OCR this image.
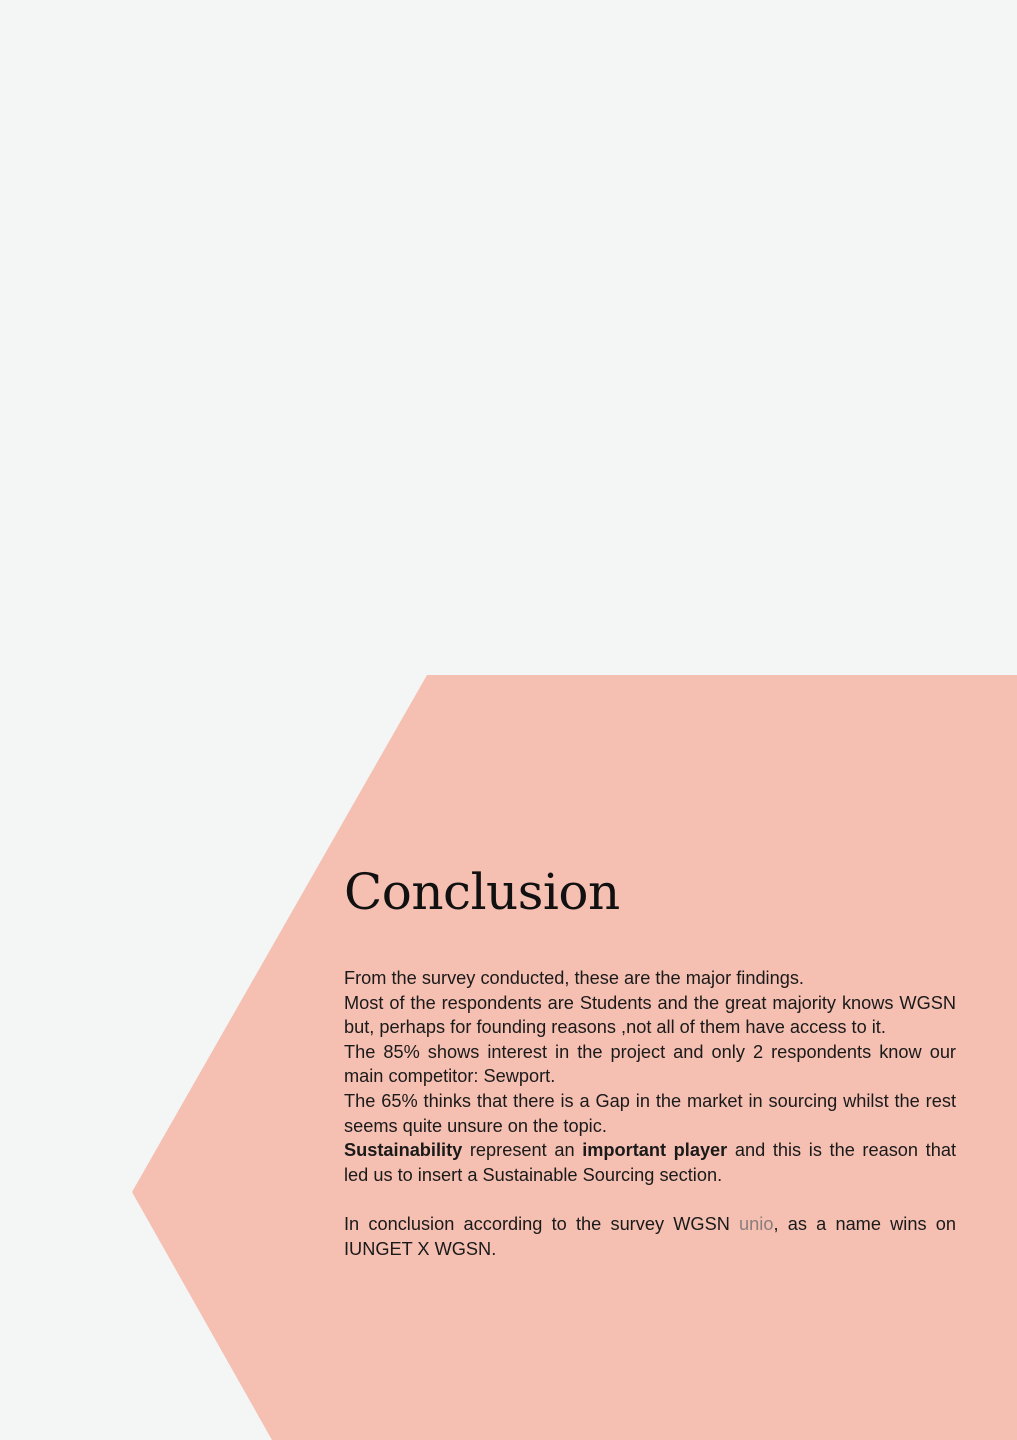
Conclusion

From the survey conducted, these are the major findings.

Most of the respondents are Students and the great majority knows WGSN but, perhaps for founding reasons ,not all of them have access to it.

The 85% shows interest in the project and only 2 respondents know our main competitor: Sewport.

The 65% thinks that there is a Gap in the market in sourcing whilst the rest seems quite unsure on the topic.

Sustainability represent an important player and this is the reason that led us to insert a Sustainable Sourcing section.

In conclusion according to the survey WGSN unio, as a name wins on IUNGET X WGSN.
